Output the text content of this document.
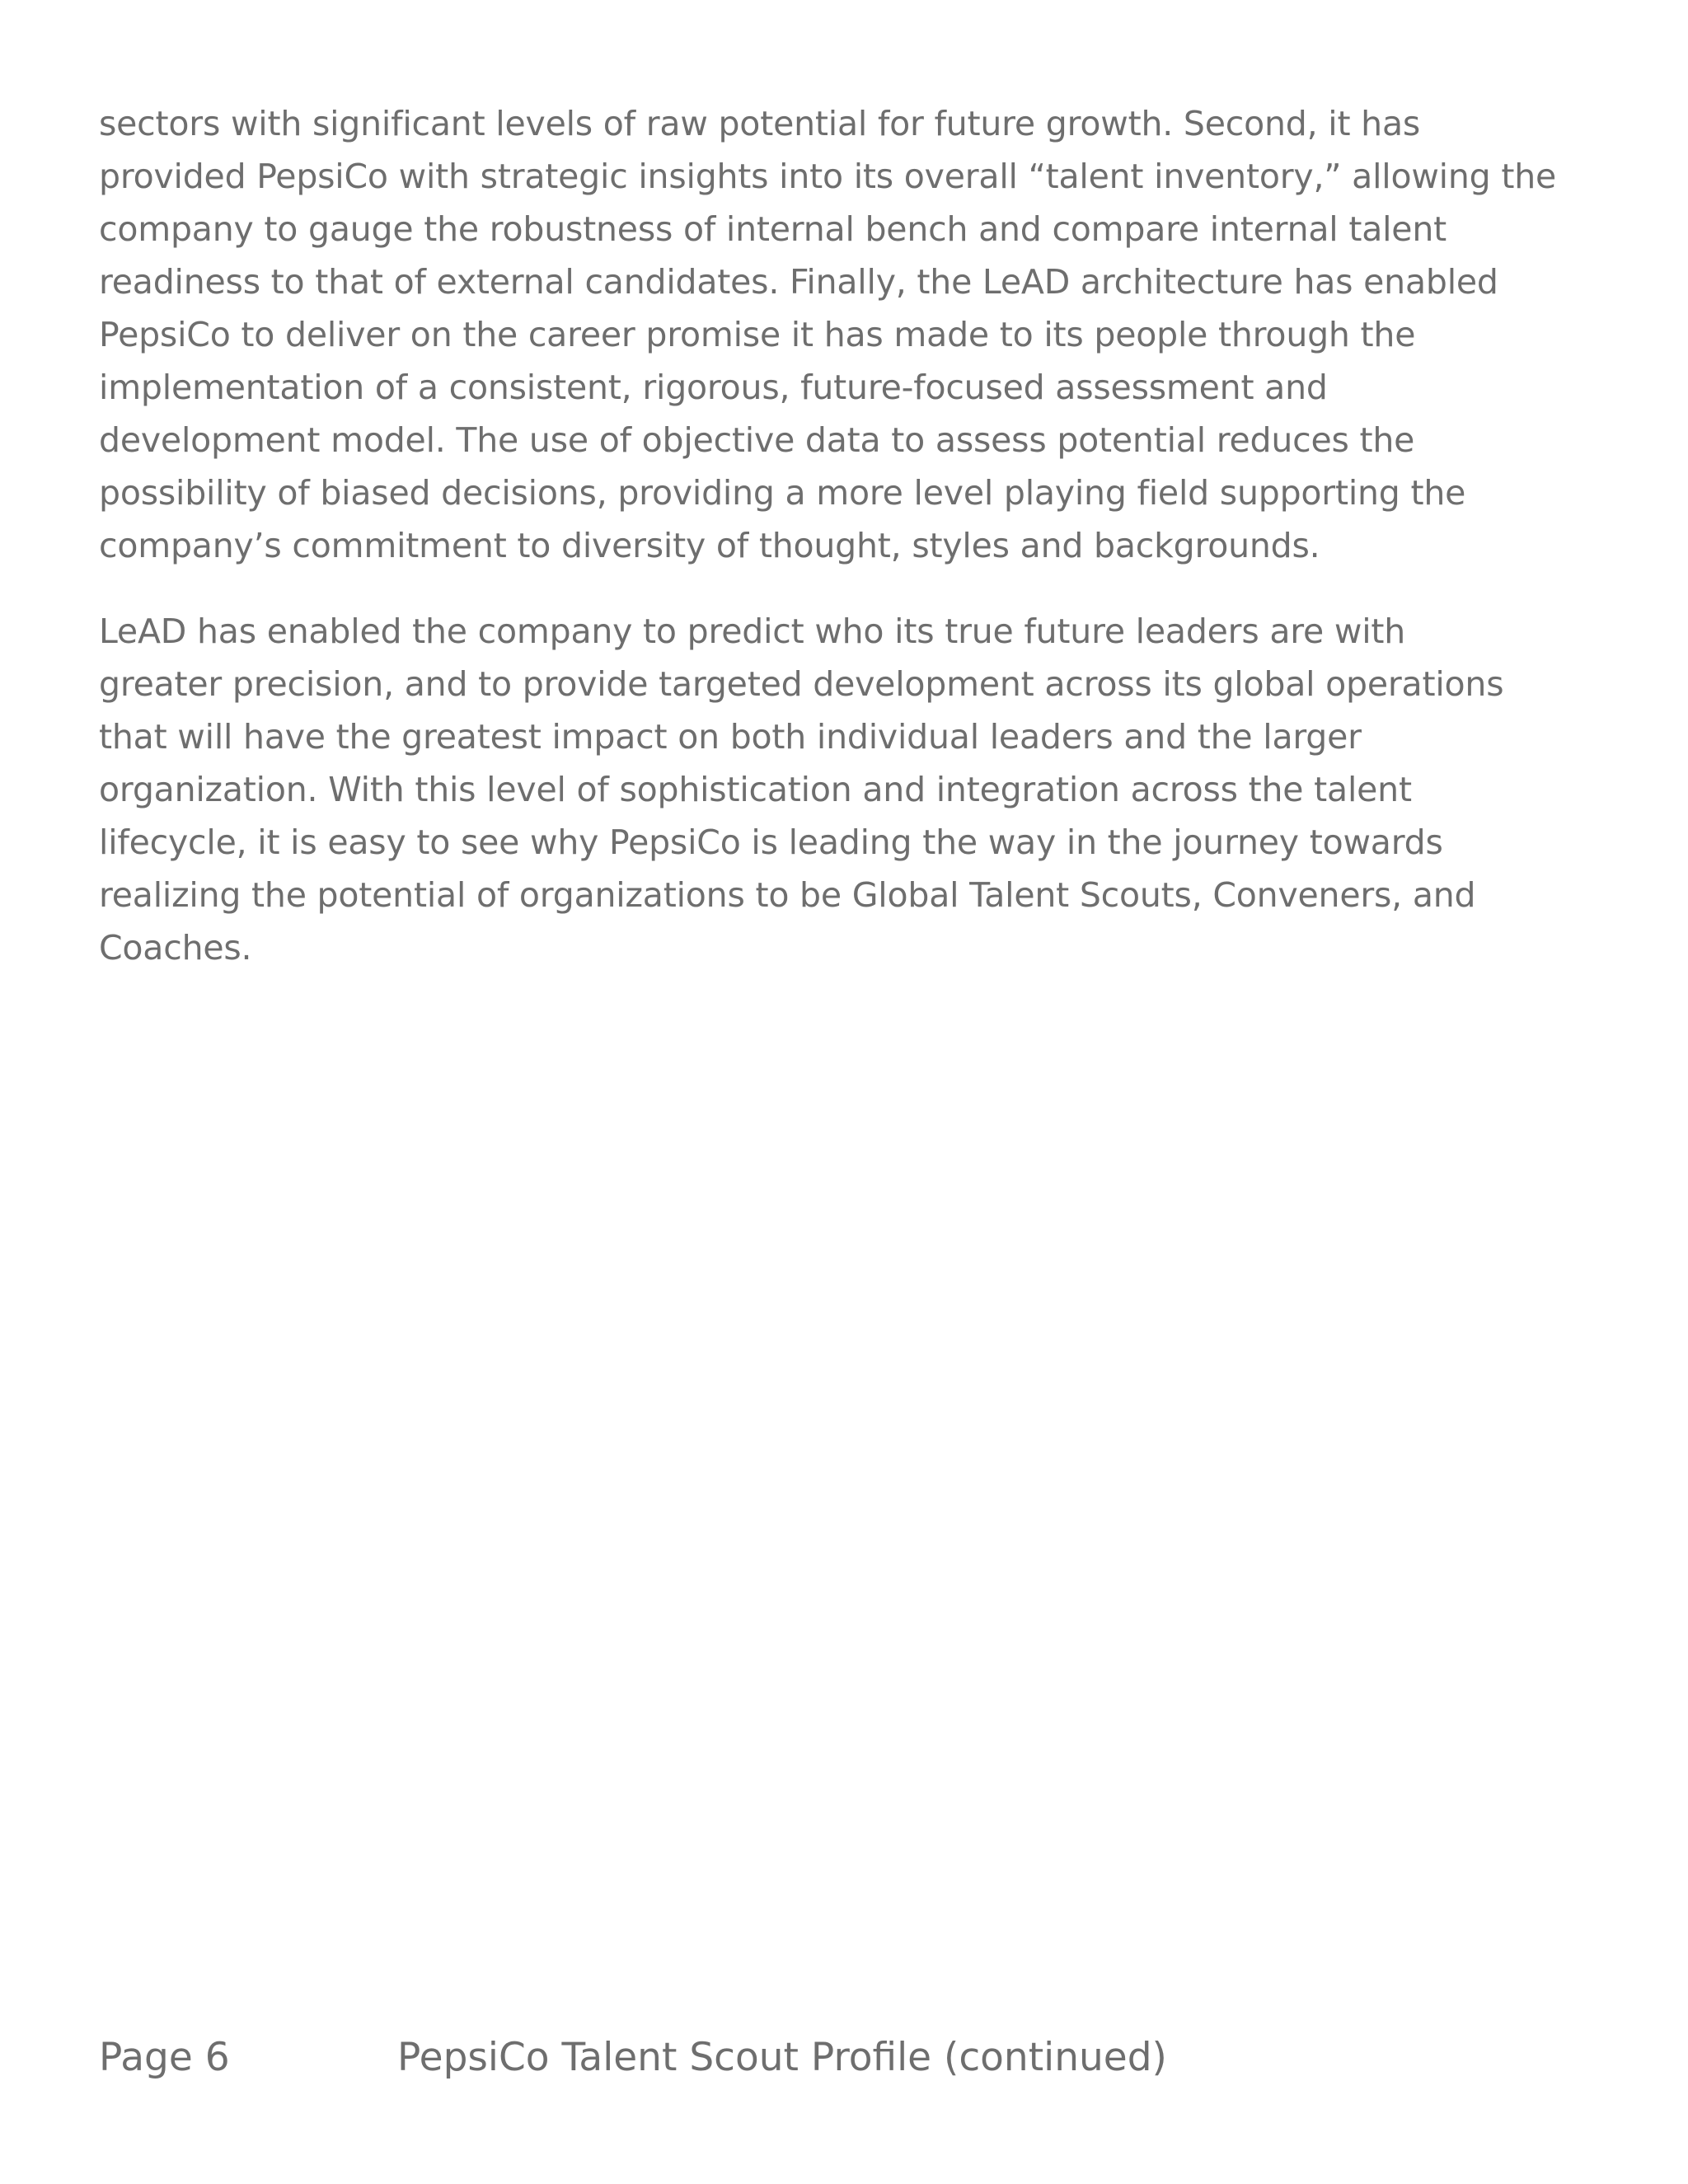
sectors with significant levels of raw potential for future growth. Second, it has
provided PepsiCo with strategic insights into its overall “talent inventory,” allowing the
company to gauge the robustness of internal bench and compare internal talent
readiness to that of external candidates. Finally, the LeAD architecture has enabled
PepsiCo to deliver on the career promise it has made to its people through the
implementation of a consistent, rigorous, future-focused assessment and
development model. The use of objective data to assess potential reduces the
possibility of biased decisions, providing a more level playing field supporting the
company’s commitment to diversity of thought, styles and backgrounds.
LeAD has enabled the company to predict who its true future leaders are with
greater precision, and to provide targeted development across its global operations
that will have the greatest impact on both individual leaders and the larger
organization. With this level of sophistication and integration across the talent
lifecycle, it is easy to see why PepsiCo is leading the way in the journey towards
realizing the potential of organizations to be Global Talent Scouts, Conveners, and
Coaches.
Page 6	PepsiCo Talent Scout Profile (continued)
